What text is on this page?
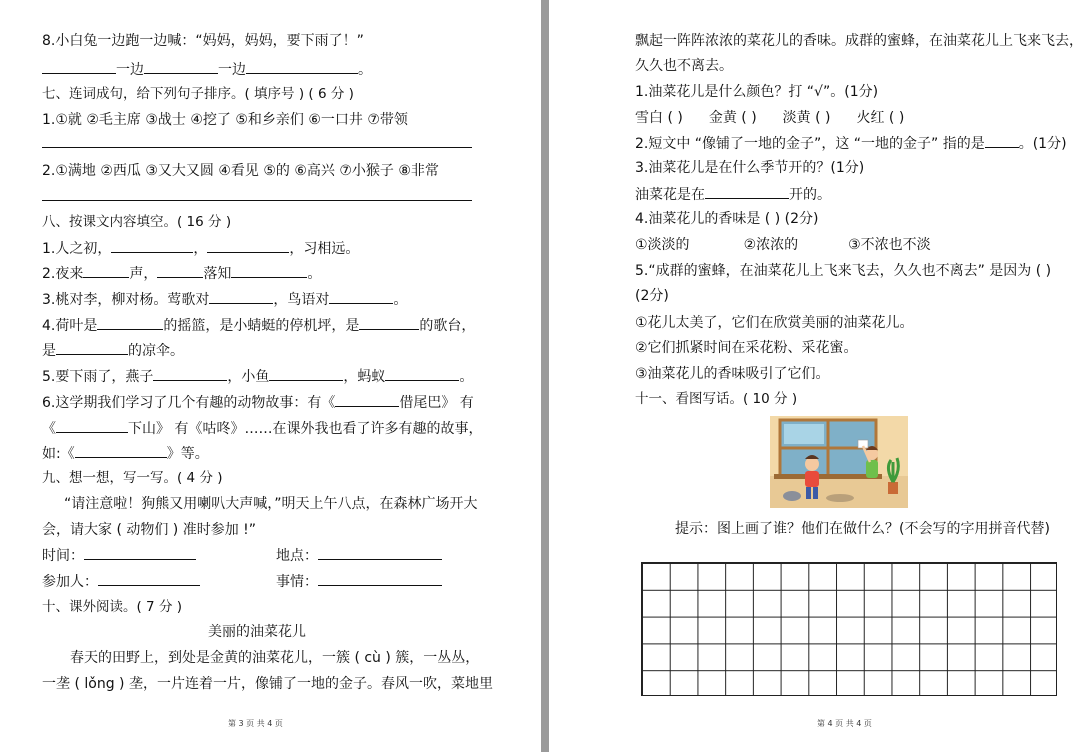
8.小白兔一边跑一边喊：“妈妈，妈妈，要下雨了！”
一边	一边	。
七、连词成句，给下列句子排序。( 填序号 ) ( 6 分 )
1.①就 ②毛主席 ③战士 ④挖了 ⑤和乡亲们 ⑥一口井 ⑦带领
2.①满地 ②西瓜 ③又大又圆 ④看见 ⑤的 ⑥高兴 ⑦小猴子 ⑧非常
八、按课文内容填空。( 16 分 )
1.人之初，	，	，习相远。
2.夜来	声，	落知	。
3.桃对李，柳对杨。莺歌对	，鸟语对	。
4.荷叶是	的摇篮，是小蜻蜓的停机坪，是	的歌台，
是	的凉伞。
5.要下雨了，燕子	，小鱼	，蚂蚁	。
6.这学期我们学习了几个有趣的动物故事：有《	借尾巴》 有
《	下山》 有《咕咚》……在课外我也看了许多有趣的故事，
如:《	》等。
九、想一想，写一写。( 4 分 )
“请注意啦！狗熊又用喇叭大声喊，”明天上午八点，在森林广场开大
会，请大家 ( 动物们 ) 准时参加 !”
时间：	地点：
参加人：	事情：
十、课外阅读。( 7 分 )
美丽的油菜花儿
春天的田野上，到处是金黄的油菜花儿，一簇 ( cù ) 簇，一丛丛，
一垄 ( lǒng ) 垄，一片连着一片，像铺了一地的金子。春风一吹，菜地里
第 3 页 共 4 页
飘起一阵阵浓浓的菜花儿的香味。成群的蜜蜂，在油菜花儿上飞来飞去，
久久也不离去。
1.油菜花儿是什么颜色？打 “√”。(1分)
雪白 ( ) 金黄 ( ) 淡黄 ( ) 火红 ( )
2.短文中 “像铺了一地的金子”，这 “一地的金子” 指的是 。(1分)
3.油菜花儿是在什么季节开的？(1分)
油菜花是在	开的。
4.油菜花儿的香味是 ( ) (2分)
①淡淡的	②浓浓的	③不浓也不淡
5.“成群的蜜蜂，在油菜花儿上飞来飞去，久久也不离去” 是因为 ( )
(2分)
①花儿太美了，它们在欣赏美丽的油菜花儿。
②它们抓紧时间在采花粉、采花蜜。
③油菜花儿的香味吸引了它们。
十一、看图写话。( 10 分 )
提示：图上画了谁？他们在做什么？(不会写的字用拼音代替)
第 4 页 共 4 页
